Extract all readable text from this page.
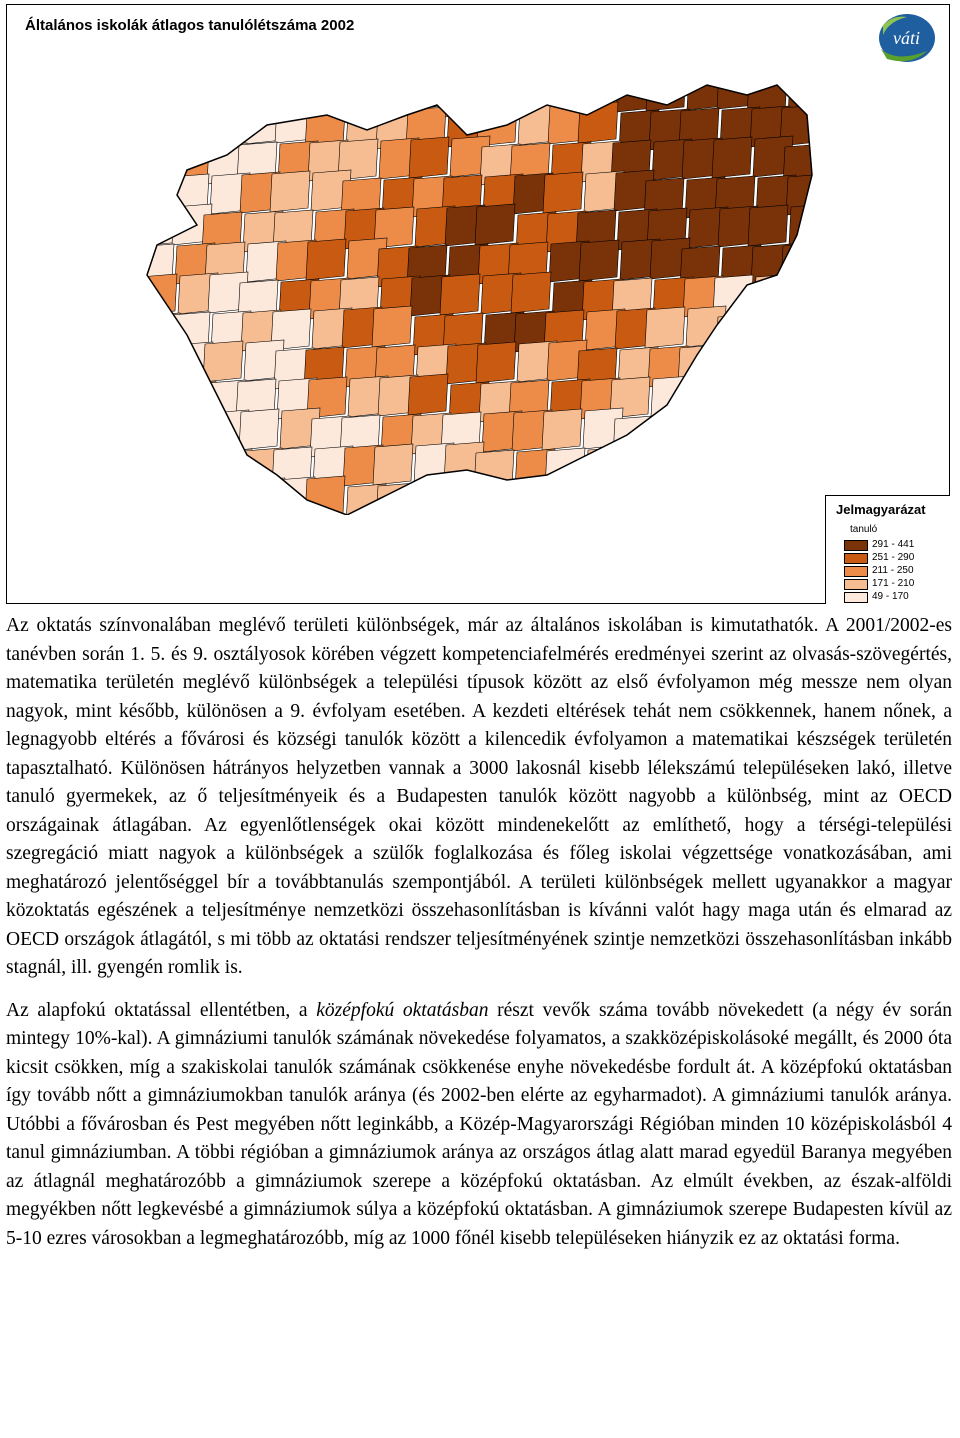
Általános iskolák átlagos tanulólétszáma 2002
váti
Jelmagyarázat
tanuló
291 - 441
251 - 290
211 - 250
171 - 210
49 - 170

Az oktatás színvonalában meglévő területi különbségek, már az általános iskolában is kimutathatók. A 2001/2002-es tanévben során 1. 5. és 9. osztályosok körében végzett kompetenciafelmérés eredményei szerint az olvasás-szövegértés, matematika területén meglévő különbségek a települési típusok között az első évfolyamon még messze nem olyan nagyok, mint később, különösen a 9. évfolyam esetében. A kezdeti eltérések tehát nem csökkennek, hanem nőnek, a legnagyobb eltérés a fővárosi és községi tanulók között a kilencedik évfolyamon a matematikai készségek területén tapasztalható. Különösen hátrányos helyzetben vannak a 3000 lakosnál kisebb lélekszámú településeken lakó, illetve tanuló gyermekek, az ő teljesítményeik és a Budapesten tanulók között nagyobb a különbség, mint az OECD országainak átlagában. Az egyenlőtlenségek okai között mindenekelőtt az említhető, hogy a térségi-települési szegregáció miatt nagyok a különbségek a szülők foglalkozása és főleg iskolai végzettsége vonatkozásában, ami meghatározó jelentőséggel bír a továbbtanulás szempontjából. A területi különbségek mellett ugyanakkor a magyar közoktatás egészének a teljesítménye nemzetközi összehasonlításban is kívánni valót hagy maga után és elmarad az OECD országok átlagától, s mi több az oktatási rendszer teljesítményének szintje nemzetközi összehasonlításban inkább stagnál, ill. gyengén romlik is.

Az alapfokú oktatással ellentétben, a középfokú oktatásban részt vevők száma tovább növekedett (a négy év során mintegy 10%-kal). A gimnáziumi tanulók számának növekedése folyamatos, a szakközépiskolásoké megállt, és 2000 óta kicsit csökken, míg a szakiskolai tanulók számának csökkenése enyhe növekedésbe fordult át. A középfokú oktatásban így tovább nőtt a gimnáziumokban tanulók aránya (és 2002-ben elérte az egyharmadot). A gimnáziumi tanulók aránya. Utóbbi a fővárosban és Pest megyében nőtt leginkább, a Közép-Magyarországi Régióban minden 10 középiskolásból 4 tanul gimnáziumban. A többi régióban a gimnáziumok aránya az országos átlag alatt marad egyedül Baranya megyében az átlagnál meghatározóbb a gimnáziumok szerepe a középfokú oktatásban. Az elmúlt években, az észak-alföldi megyékben nőtt legkevésbé a gimnáziumok súlya a középfokú oktatásban. A gimnáziumok szerepe Budapesten kívül az 5-10 ezres városokban a legmeghatározóbb, míg az 1000 főnél kisebb településeken hiányzik ez az oktatási forma.
